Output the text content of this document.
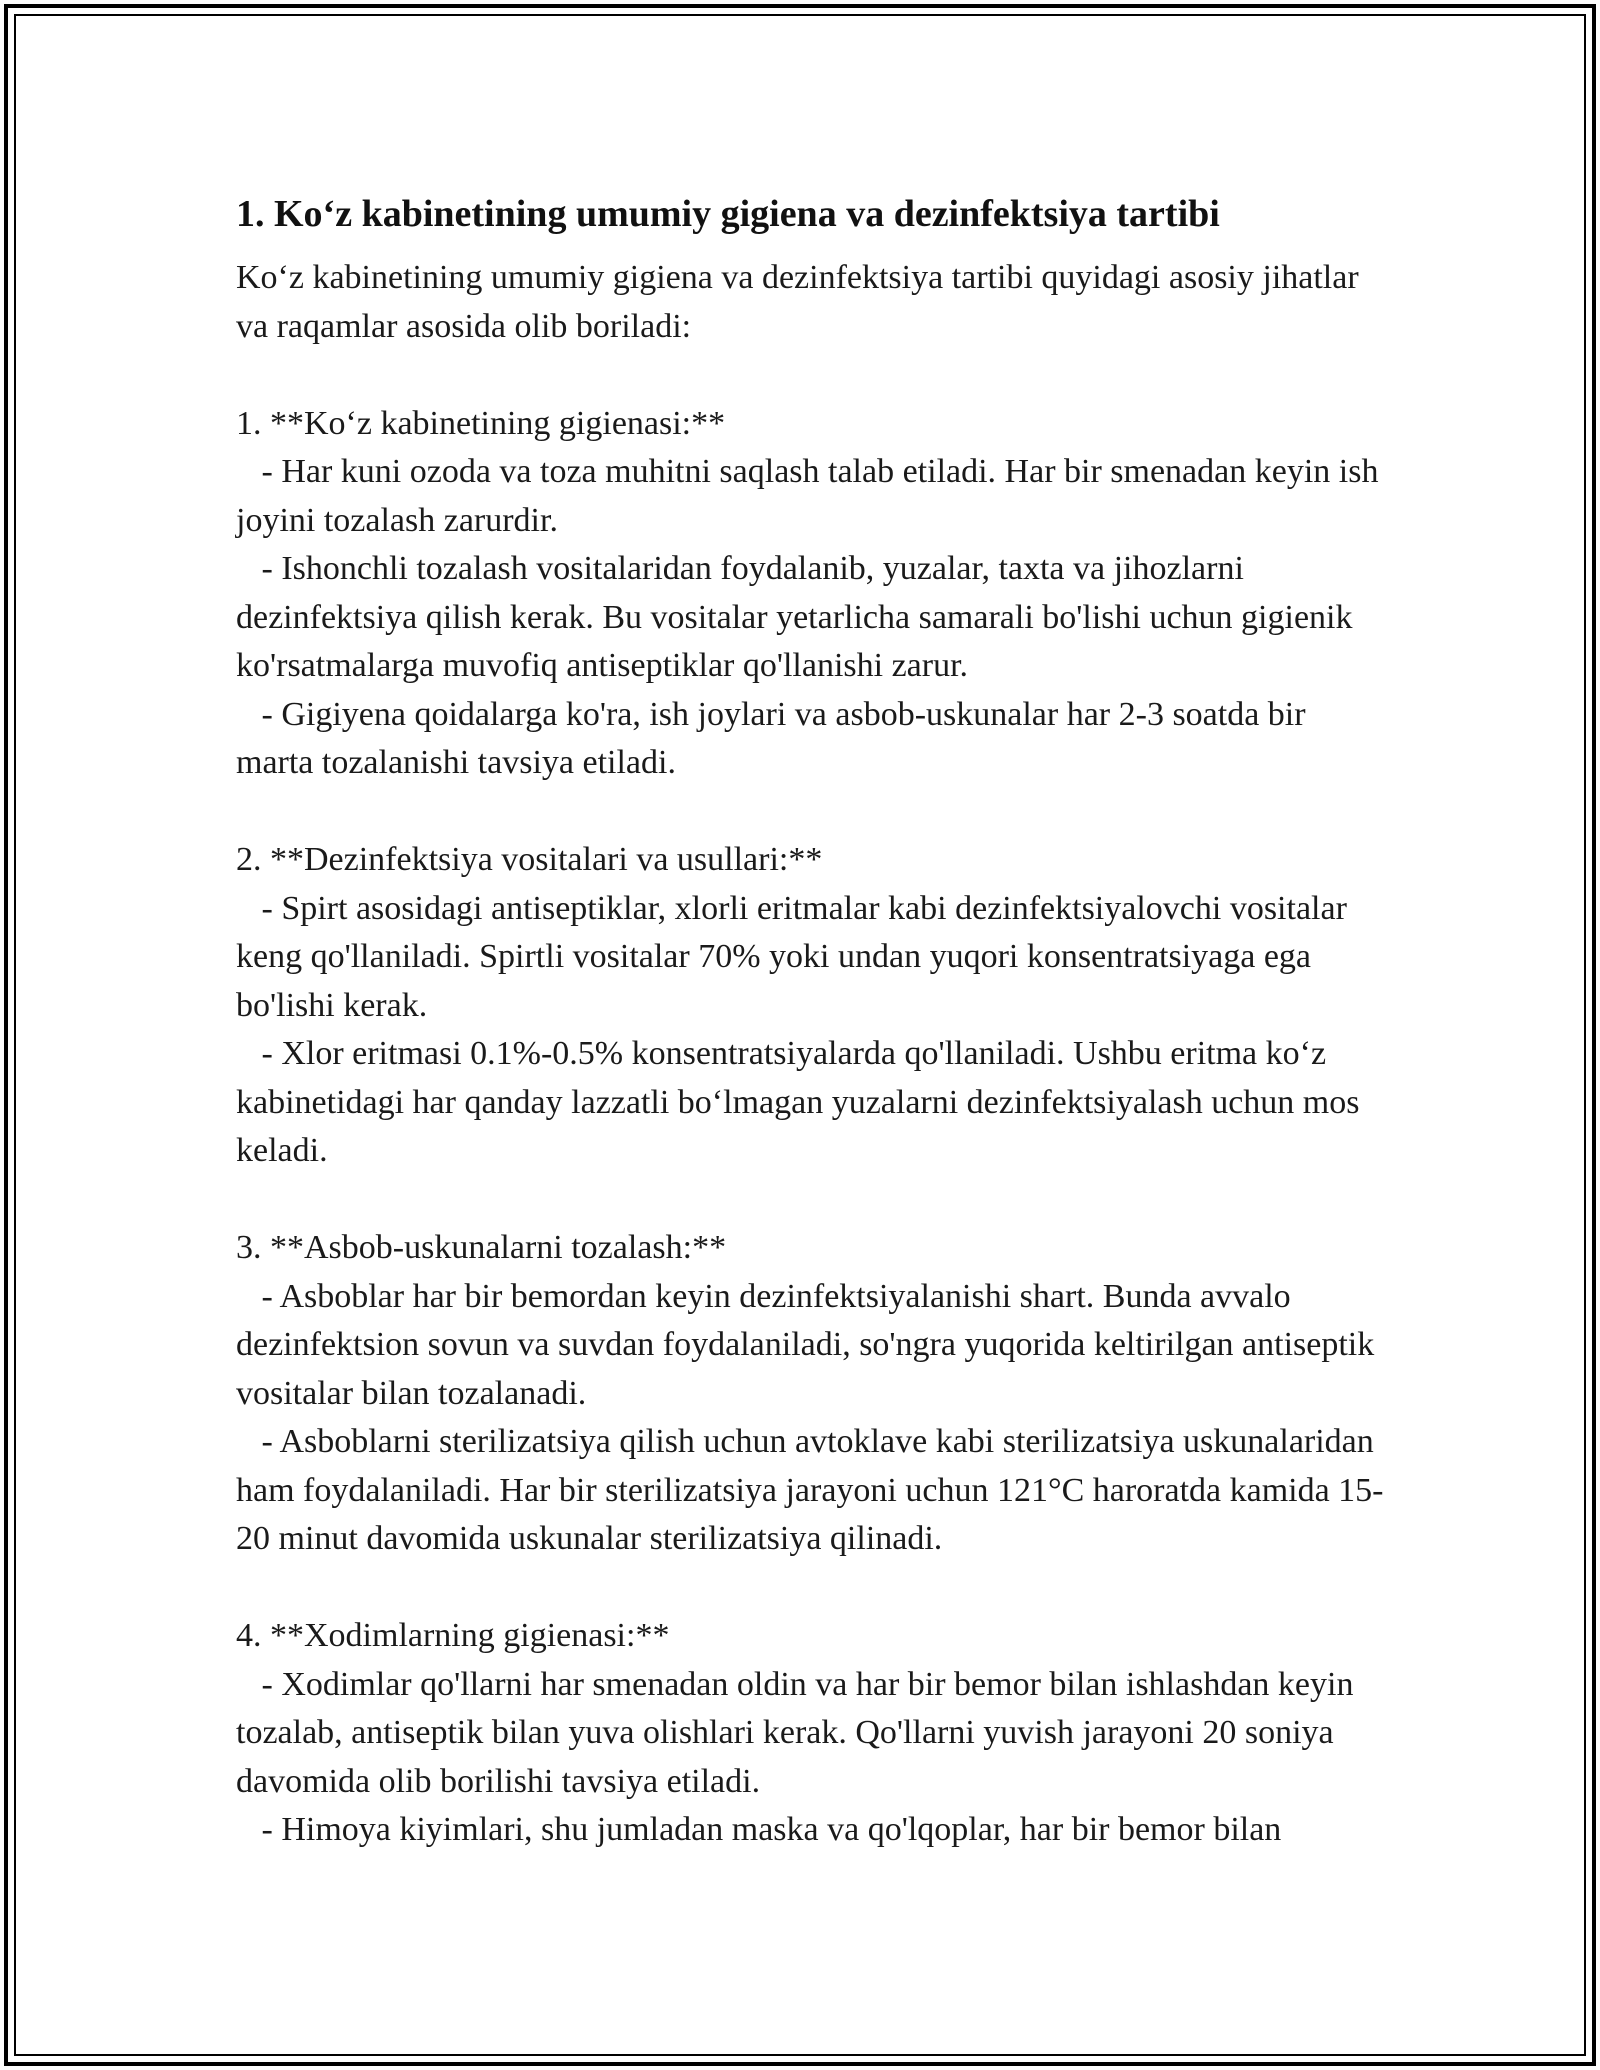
1. Koʻz kabinetining umumiy gigiena va dezinfektsiya tartibi

Koʻz kabinetining umumiy gigiena va dezinfektsiya tartibi quyidagi asosiy jihatlar va raqamlar asosida olib boriladi:

1. **Koʻz kabinetining gigienasi:**
- Har kuni ozoda va toza muhitni saqlash talab etiladi. Har bir smenadan keyin ish joyini tozalash zarurdir.
- Ishonchli tozalash vositalaridan foydalanib, yuzalar, taxta va jihozlarni dezinfektsiya qilish kerak. Bu vositalar yetarlicha samarali bo'lishi uchun gigienik ko'rsatmalarga muvofiq antiseptiklar qo'llanishi zarur.
- Gigiyena qoidalarga ko'ra, ish joylari va asbob-uskunalar har 2-3 soatda bir marta tozalanishi tavsiya etiladi.
2. **Dezinfektsiya vositalari va usullari:**
- Spirt asosidagi antiseptiklar, xlorli eritmalar kabi dezinfektsiyalovchi vositalar keng qo'llaniladi. Spirtli vositalar 70% yoki undan yuqori konsentratsiyaga ega bo'lishi kerak.
- Xlor eritmasi 0.1%-0.5% konsentratsiyalarda qo'llaniladi. Ushbu eritma koʻz kabinetidagi har qanday lazzatli boʻlmagan yuzalarni dezinfektsiyalash uchun mos keladi.
3. **Asbob-uskunalarni tozalash:**
- Asboblar har bir bemordan keyin dezinfektsiyalanishi shart. Bunda avvalo dezinfektsion sovun va suvdan foydalaniladi, so'ngra yuqorida keltirilgan antiseptik vositalar bilan tozalanadi.
- Asboblarni sterilizatsiya qilish uchun avtoklave kabi sterilizatsiya uskunalaridan ham foydalaniladi. Har bir sterilizatsiya jarayoni uchun 121°C haroratda kamida 15-20 minut davomida uskunalar sterilizatsiya qilinadi.
4. **Xodimlarning gigienasi:**
- Xodimlar qo'llarni har smenadan oldin va har bir bemor bilan ishlashdan keyin tozalab, antiseptik bilan yuva olishlari kerak. Qo'llarni yuvish jarayoni 20 soniya davomida olib borilishi tavsiya etiladi.
- Himoya kiyimlari, shu jumladan maska va qo'lqoplar, har bir bemor bilan
